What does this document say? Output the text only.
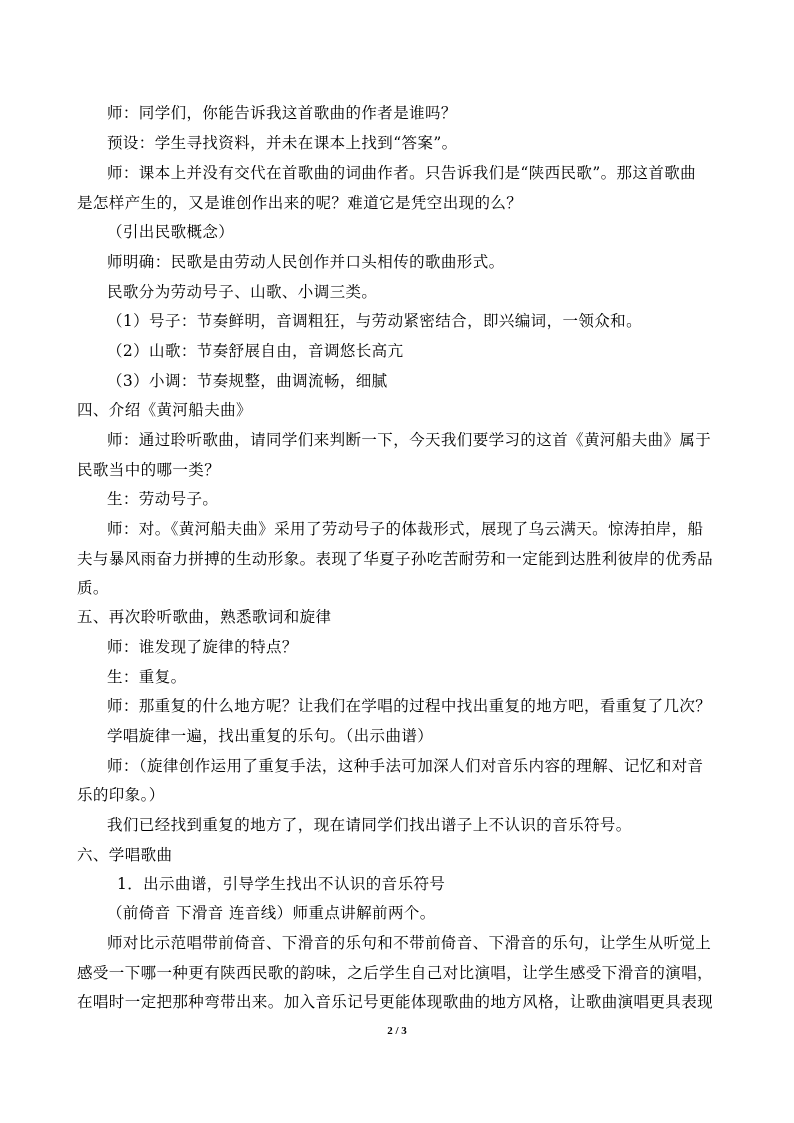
师：同学们，你能告诉我这首歌曲的作者是谁吗？
预设：学生寻找资料，并未在课本上找到“答案”。
师：课本上并没有交代在首歌曲的词曲作者。只告诉我们是“陕西民歌”。那这首歌曲
是怎样产生的，又是谁创作出来的呢？难道它是凭空出现的么？
（引出民歌概念）
师明确：民歌是由劳动人民创作并口头相传的歌曲形式。
民歌分为劳动号子、山歌、小调三类。
（1）号子：节奏鲜明，音调粗狂，与劳动紧密结合，即兴编词，一领众和。
（2）山歌：节奏舒展自由，音调悠长高亢
（3）小调：节奏规整，曲调流畅，细腻
四、介绍《黄河船夫曲》
师：通过聆听歌曲，请同学们来判断一下，今天我们要学习的这首《黄河船夫曲》属于
民歌当中的哪一类？
生：劳动号子。
师：对。《黄河船夫曲》采用了劳动号子的体裁形式，展现了乌云满天。惊涛拍岸，船
夫与暴风雨奋力拼搏的生动形象。表现了华夏子孙吃苦耐劳和一定能到达胜利彼岸的优秀品
质。
五、再次聆听歌曲，熟悉歌词和旋律
师：谁发现了旋律的特点？
生：重复。
师：那重复的什么地方呢？让我们在学唱的过程中找出重复的地方吧，看重复了几次？
学唱旋律一遍，找出重复的乐句。（出示曲谱）
师：（旋律创作运用了重复手法，这种手法可加深人们对音乐内容的理解、记忆和对音
乐的印象。）
我们已经找到重复的地方了，现在请同学们找出谱子上不认识的音乐符号。
六、学唱歌曲
1．出示曲谱，引导学生找出不认识的音乐符号
（前倚音 下滑音 连音线）师重点讲解前两个。
师对比示范唱带前倚音、下滑音的乐句和不带前倚音、下滑音的乐句，让学生从听觉上
感受一下哪一种更有陕西民歌的韵味，之后学生自己对比演唱，让学生感受下滑音的演唱，
在唱时一定把那种弯带出来。加入音乐记号更能体现歌曲的地方风格，让歌曲演唱更具表现
2 / 3
